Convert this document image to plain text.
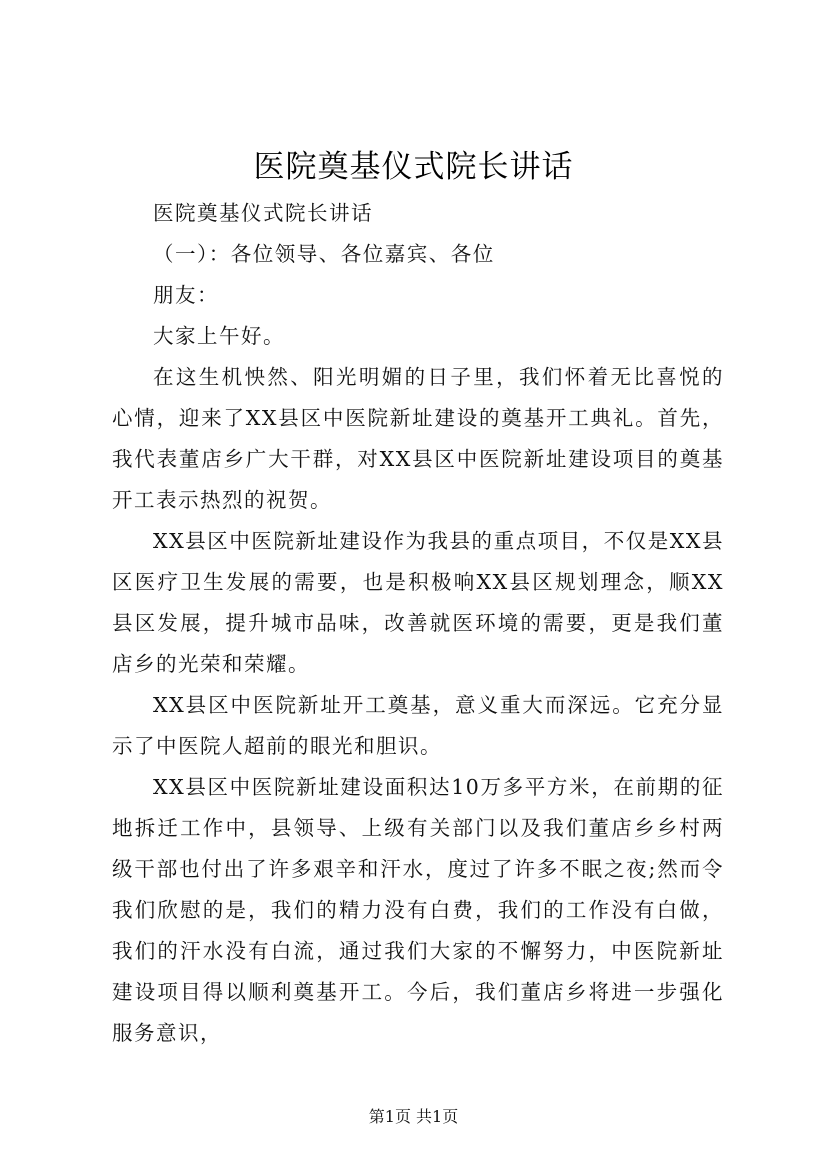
医院奠基仪式院长讲话

医院奠基仪式院长讲话

（一）：各位领导、各位嘉宾、各位

朋友：

大家上午好。

在这生机怏然、阳光明媚的日子里，我们怀着无比喜悦的心情，迎来了XX县区中医院新址建设的奠基开工典礼。首先，我代表董店乡广大干群，对XX县区中医院新址建设项目的奠基开工表示热烈的祝贺。

XX县区中医院新址建设作为我县的重点项目，不仅是XX县区医疗卫生发展的需要，也是积极响XX县区规划理念，顺XX县区发展，提升城市品味，改善就医环境的需要，更是我们董店乡的光荣和荣耀。

XX县区中医院新址开工奠基，意义重大而深远。它充分显示了中医院人超前的眼光和胆识。

XX县区中医院新址建设面积达10万多平方米，在前期的征地拆迁工作中，县领导、上级有关部门以及我们董店乡乡村两级干部也付出了许多艰辛和汗水，度过了许多不眠之夜;然而令我们欣慰的是，我们的精力没有白费，我们的工作没有白做，我们的汗水没有白流，通过我们大家的不懈努力，中医院新址建设项目得以顺利奠基开工。今后，我们董店乡将进一步强化服务意识，

第1页 共1页
